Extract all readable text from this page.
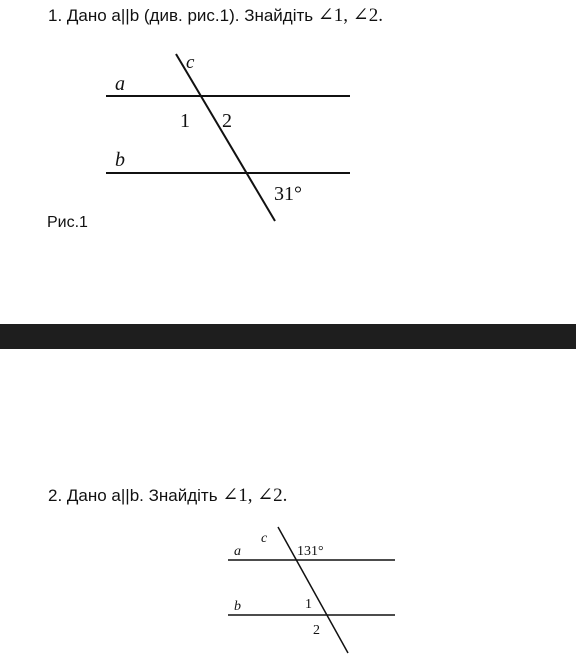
1. Дано a||b (див. рис.1). Знайдіть ∠1, ∠2.

a
b
c
1 2
31°

Рис.1

2. Дано a||b. Знайдіть ∠1, ∠2.

a
b
c
131°
1
2
